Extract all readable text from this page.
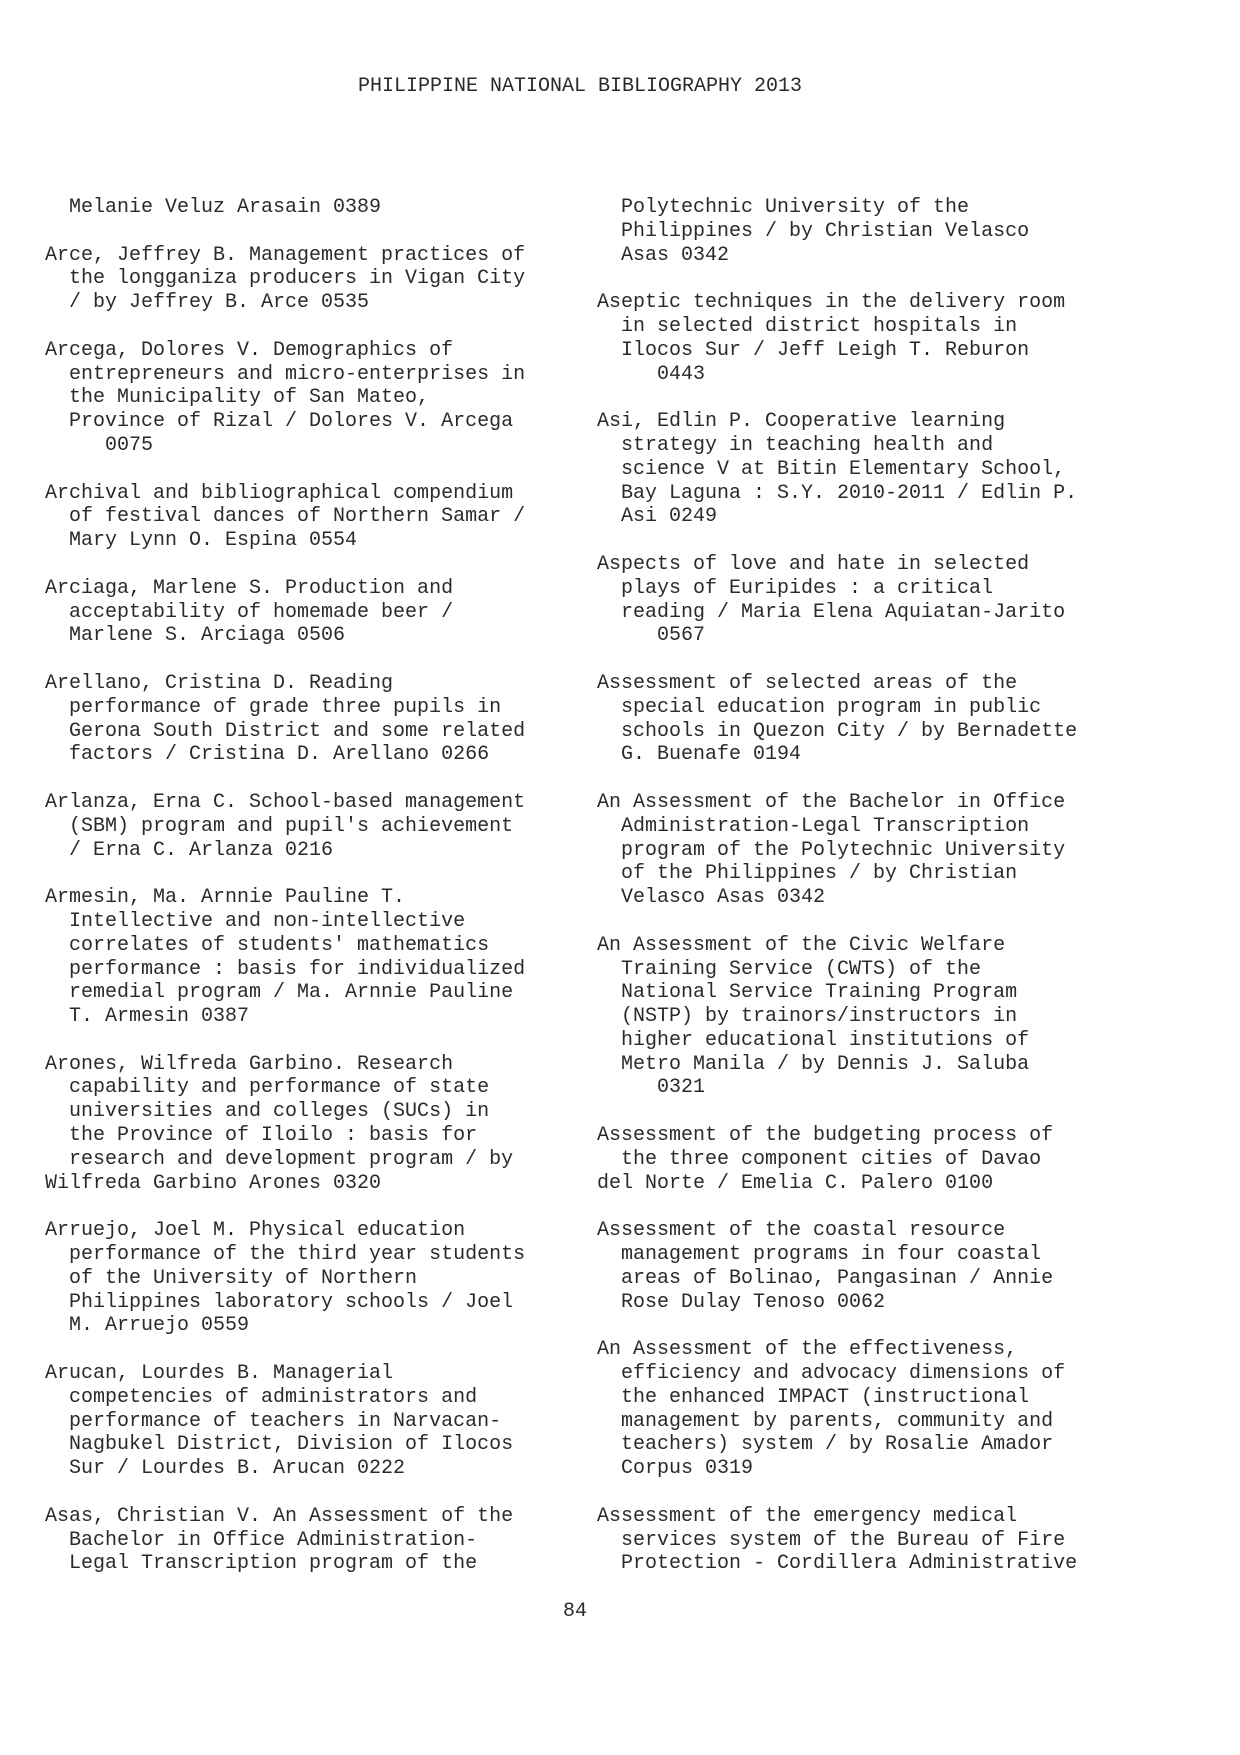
PHILIPPINE NATIONAL BIBLIOGRAPHY 2013
Melanie Veluz Arasain 0389
Arce, Jeffrey B. Management practices of
the longganiza producers in Vigan City
/ by Jeffrey B. Arce 0535
Arcega, Dolores V. Demographics of
entrepreneurs and micro-enterprises in
the Municipality of San Mateo,
Province of Rizal / Dolores V. Arcega
0075
Archival and bibliographical compendium
of festival dances of Northern Samar /
Mary Lynn O. Espina 0554
Arciaga, Marlene S. Production and
acceptability of homemade beer /
Marlene S. Arciaga 0506
Arellano, Cristina D. Reading
performance of grade three pupils in
Gerona South District and some related
factors / Cristina D. Arellano 0266
Arlanza, Erna C. School-based management
(SBM) program and pupil's achievement
/ Erna C. Arlanza 0216
Armesin, Ma. Arnnie Pauline T.
Intellective and non-intellective
correlates of students' mathematics
performance : basis for individualized
remedial program / Ma. Arnnie Pauline
T. Armesin 0387
Arones, Wilfreda Garbino. Research
capability and performance of state
universities and colleges (SUCs) in
the Province of Iloilo : basis for
research and development program / by
Wilfreda Garbino Arones 0320
Arruejo, Joel M. Physical education
performance of the third year students
of the University of Northern
Philippines laboratory schools / Joel
M. Arruejo 0559
Arucan, Lourdes B. Managerial
competencies of administrators and
performance of teachers in Narvacan-
Nagbukel District, Division of Ilocos
Sur / Lourdes B. Arucan 0222
Asas, Christian V. An Assessment of the
Bachelor in Office Administration-
Legal Transcription program of the
Polytechnic University of the
Philippines / by Christian Velasco
Asas 0342
Aseptic techniques in the delivery room
in selected district hospitals in
Ilocos Sur / Jeff Leigh T. Reburon
0443
Asi, Edlin P. Cooperative learning
strategy in teaching health and
science V at Bitin Elementary School,
Bay Laguna : S.Y. 2010-2011 / Edlin P.
Asi 0249
Aspects of love and hate in selected
plays of Euripides : a critical
reading / Maria Elena Aquiatan-Jarito
0567
Assessment of selected areas of the
special education program in public
schools in Quezon City / by Bernadette
G. Buenafe 0194
An Assessment of the Bachelor in Office
Administration-Legal Transcription
program of the Polytechnic University
of the Philippines / by Christian
Velasco Asas 0342
An Assessment of the Civic Welfare
Training Service (CWTS) of the
National Service Training Program
(NSTP) by trainors/instructors in
higher educational institutions of
Metro Manila / by Dennis J. Saluba
0321
Assessment of the budgeting process of
the three component cities of Davao
del Norte / Emelia C. Palero 0100
Assessment of the coastal resource
management programs in four coastal
areas of Bolinao, Pangasinan / Annie
Rose Dulay Tenoso 0062
An Assessment of the effectiveness,
efficiency and advocacy dimensions of
the enhanced IMPACT (instructional
management by parents, community and
teachers) system / by Rosalie Amador
Corpus 0319
Assessment of the emergency medical
services system of the Bureau of Fire
Protection - Cordillera Administrative
84
